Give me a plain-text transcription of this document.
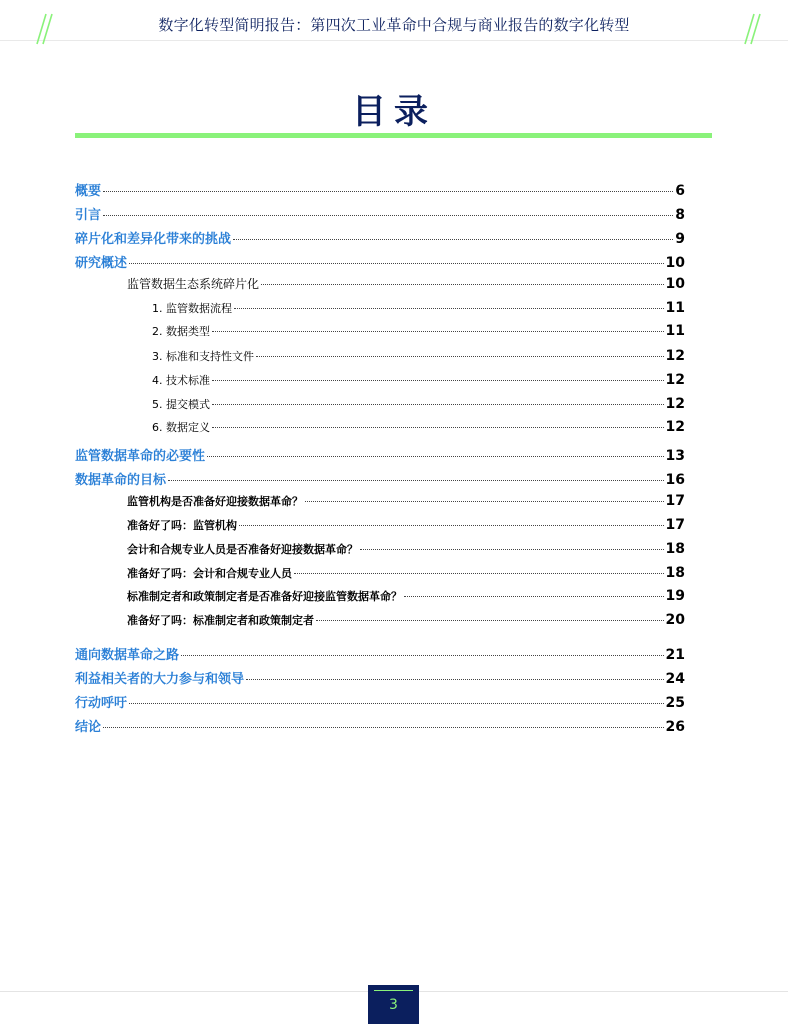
数字化转型简明报告：第四次工业革命中合规与商业报告的数字化转型
目录
概要	6
引言	8
碎片化和差异化带来的挑战	9
研究概述	10
监管数据生态系统碎片化	10
1. 监管数据流程	11
2. 数据类型	11
3. 标准和支持性文件	12
4. 技术标准	12
5. 提交模式	12
6. 数据定义	12
监管数据革命的必要性	13
数据革命的目标	16
监管机构是否准备好迎接数据革命？	17
准备好了吗：监管机构	17
会计和合规专业人员是否准备好迎接数据革命？	18
准备好了吗：会计和合规专业人员	18
标准制定者和政策制定者是否准备好迎接监管数据革命？	19
准备好了吗：标准制定者和政策制定者	20
通向数据革命之路	21
利益相关者的大力参与和领导	24
行动呼吁	25
结论	26
3
